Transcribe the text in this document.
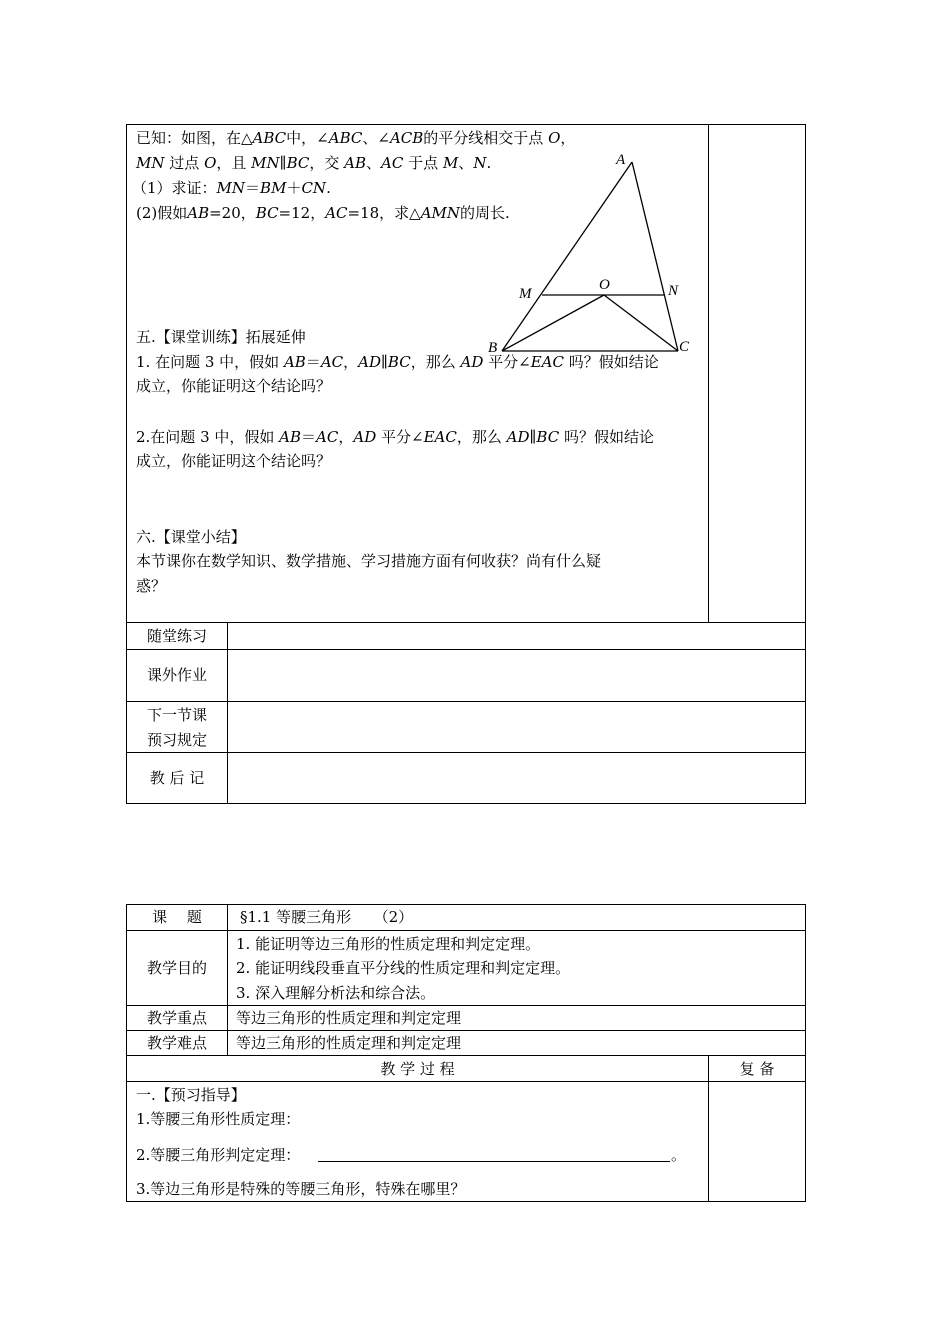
已知：如图，在△ABC中，∠ABC、∠ACB的平分线相交于点 O，
MN 过点 O，且 MN∥BC，交 AB、AC 于点 M、N.
（1）求证：MN＝BM＋CN.
(2)假如AB=20，BC=12，AC=18，求△AMN的周长.
A
B	C
M	N
O
五.【课堂训练】拓展延伸
1. 在问题 3 中，假如 AB＝AC，AD∥BC，那么 AD 平分∠EAC 吗？假如结论
成立，你能证明这个结论吗？
2.在问题 3 中，假如 AB＝AC，AD 平分∠EAC，那么 AD∥BC 吗？假如结论
成立，你能证明这个结论吗？
六.【课堂小结】
本节课你在数学知识、数学措施、学习措施方面有何收获？尚有什么疑
惑？
随堂练习
课外作业
下一节课
预习规定
教 后 记
课　 题	§1.1 等腰三角形　　（2）
教学目的
1. 能证明等边三角形的性质定理和判定定理。
2. 能证明线段垂直平分线的性质定理和判定定理。
3. 深入理解分析法和综合法。
教学重点	等边三角形的性质定理和判定定理
教学难点	等边三角形的性质定理和判定定理
教 学 过 程	复 备
一.【预习指导】
1.等腰三角形性质定理：
2.等腰三角形判定定理：	。
3.等边三角形是特殊的等腰三角形，特殊在哪里？
